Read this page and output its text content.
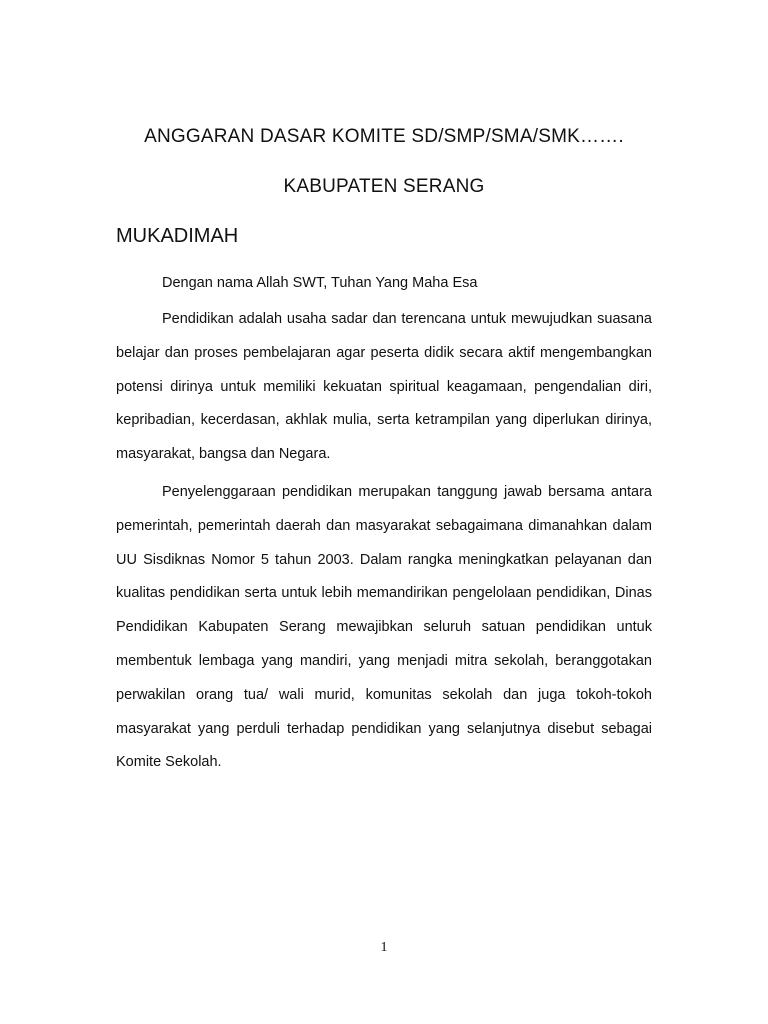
ANGGARAN DASAR KOMITE SD/SMP/SMA/SMK…….
KABUPATEN SERANG
MUKADIMAH

Dengan nama Allah SWT, Tuhan Yang Maha Esa

Pendidikan adalah usaha sadar dan terencana untuk mewujudkan suasana belajar dan proses pembelajaran agar peserta didik secara aktif mengembangkan potensi dirinya untuk memiliki kekuatan spiritual keagamaan, pengendalian diri, kepribadian, kecerdasan, akhlak mulia, serta ketrampilan yang diperlukan dirinya, masyarakat, bangsa dan Negara.

Penyelenggaraan pendidikan merupakan tanggung jawab bersama antara pemerintah, pemerintah daerah dan masyarakat sebagaimana dimanahkan dalam UU Sisdiknas Nomor 5 tahun 2003. Dalam rangka meningkatkan pelayanan dan kualitas pendidikan serta untuk lebih memandirikan pengelolaan pendidikan, Dinas Pendidikan Kabupaten Serang mewajibkan seluruh satuan pendidikan untuk membentuk lembaga yang mandiri, yang menjadi mitra sekolah, beranggotakan perwakilan orang tua/ wali murid, komunitas sekolah dan juga tokoh-tokoh masyarakat yang perduli terhadap pendidikan yang selanjutnya disebut sebagai Komite Sekolah.

1
